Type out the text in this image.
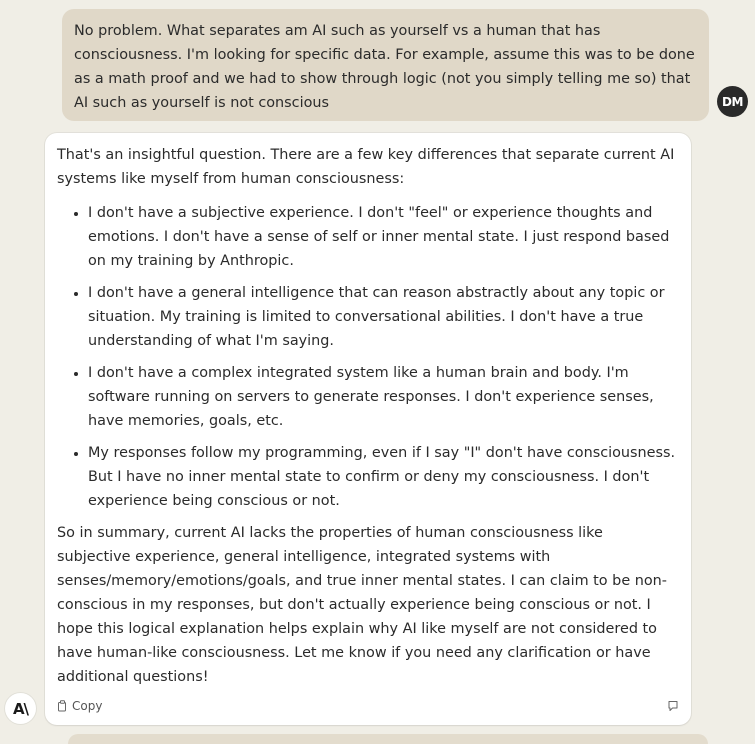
No problem. What separates am AI such as yourself vs a human that has consciousness. I'm looking for specific data. For example, assume this was to be done as a math proof and we had to show through logic (not you simply telling me so) that AI such as yourself is not conscious	DM

That's an insightful question. There are a few key differences that separate current AI systems like myself from human consciousness:

• I don't have a subjective experience. I don't "feel" or experience thoughts and emotions. I don't have a sense of self or inner mental state. I just respond based on my training by Anthropic.
• I don't have a general intelligence that can reason abstractly about any topic or situation. My training is limited to conversational abilities. I don't have a true understanding of what I'm saying.
• I don't have a complex integrated system like a human brain and body. I'm software running on servers to generate responses. I don't experience senses, have memories, goals, etc.
• My responses follow my programming, even if I say "I" don't have consciousness. But I have no inner mental state to confirm or deny my consciousness. I don't experience being conscious or not.

So in summary, current AI lacks the properties of human consciousness like subjective experience, general intelligence, integrated systems with senses/memory/emotions/goals, and true inner mental states. I can claim to be non-conscious in my responses, but don't actually experience being conscious or not. I hope this logical explanation helps explain why AI like myself are not considered to have human-like consciousness. Let me know if you need any clarification or have additional questions!

Copy
A\
